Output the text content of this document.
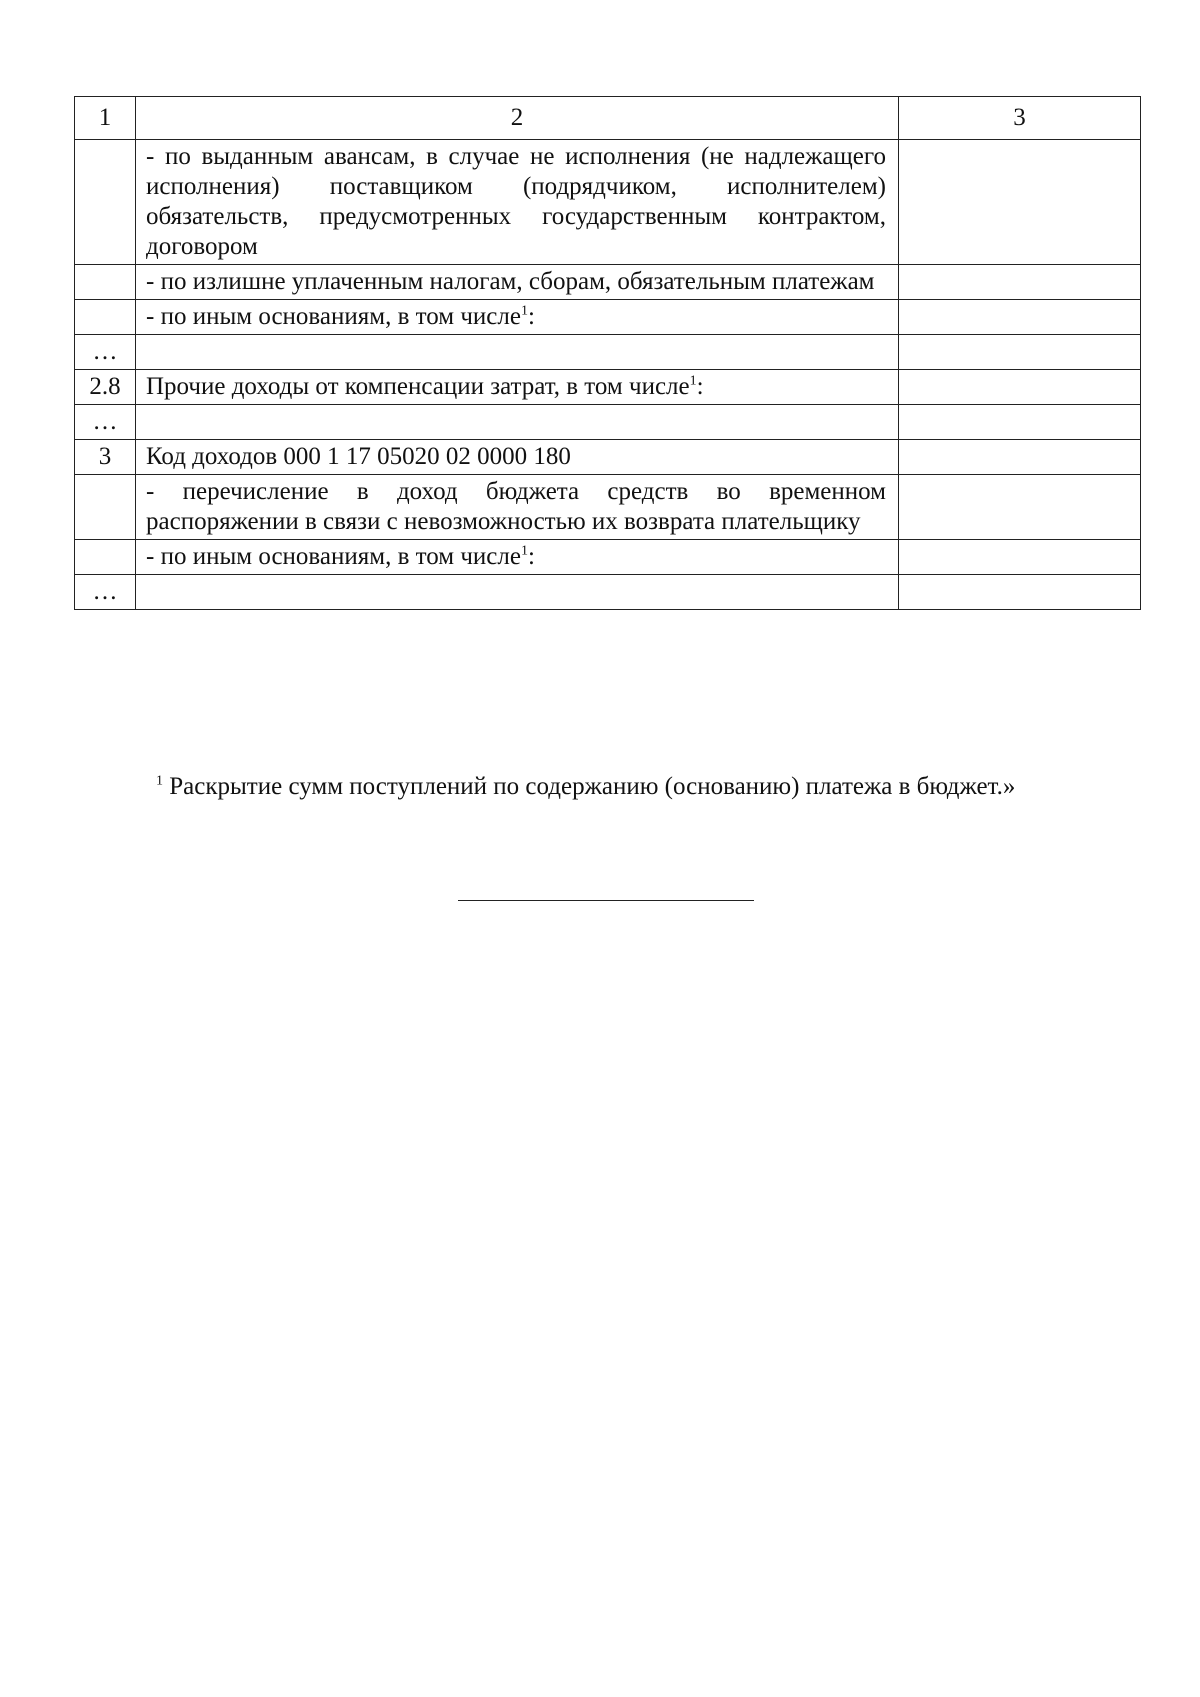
1	2	3
	- по выданным авансам, в случае не исполнения (не надлежащего исполнения) поставщиком (подрядчиком, исполнителем) обязательств, предусмотренных государственным контрактом, договором	
	- по излишне уплаченным налогам, сборам, обязательным платежам	
	- по иным основаниям, в том числе$^1$:	
…		
2.8	Прочие доходы от компенсации затрат, в том числе$^1$:	
…		
3	Код доходов 000 1 17 05020 02 0000 180	
	- перечисление в доход бюджета средств во временном распоряжении в связи с невозможностью их возврата плательщику	
	- по иным основаниям, в том числе$^1$:	
…		
$^1$ Раскрытие сумм поступлений по содержанию (основанию) платежа в бюджет.»
